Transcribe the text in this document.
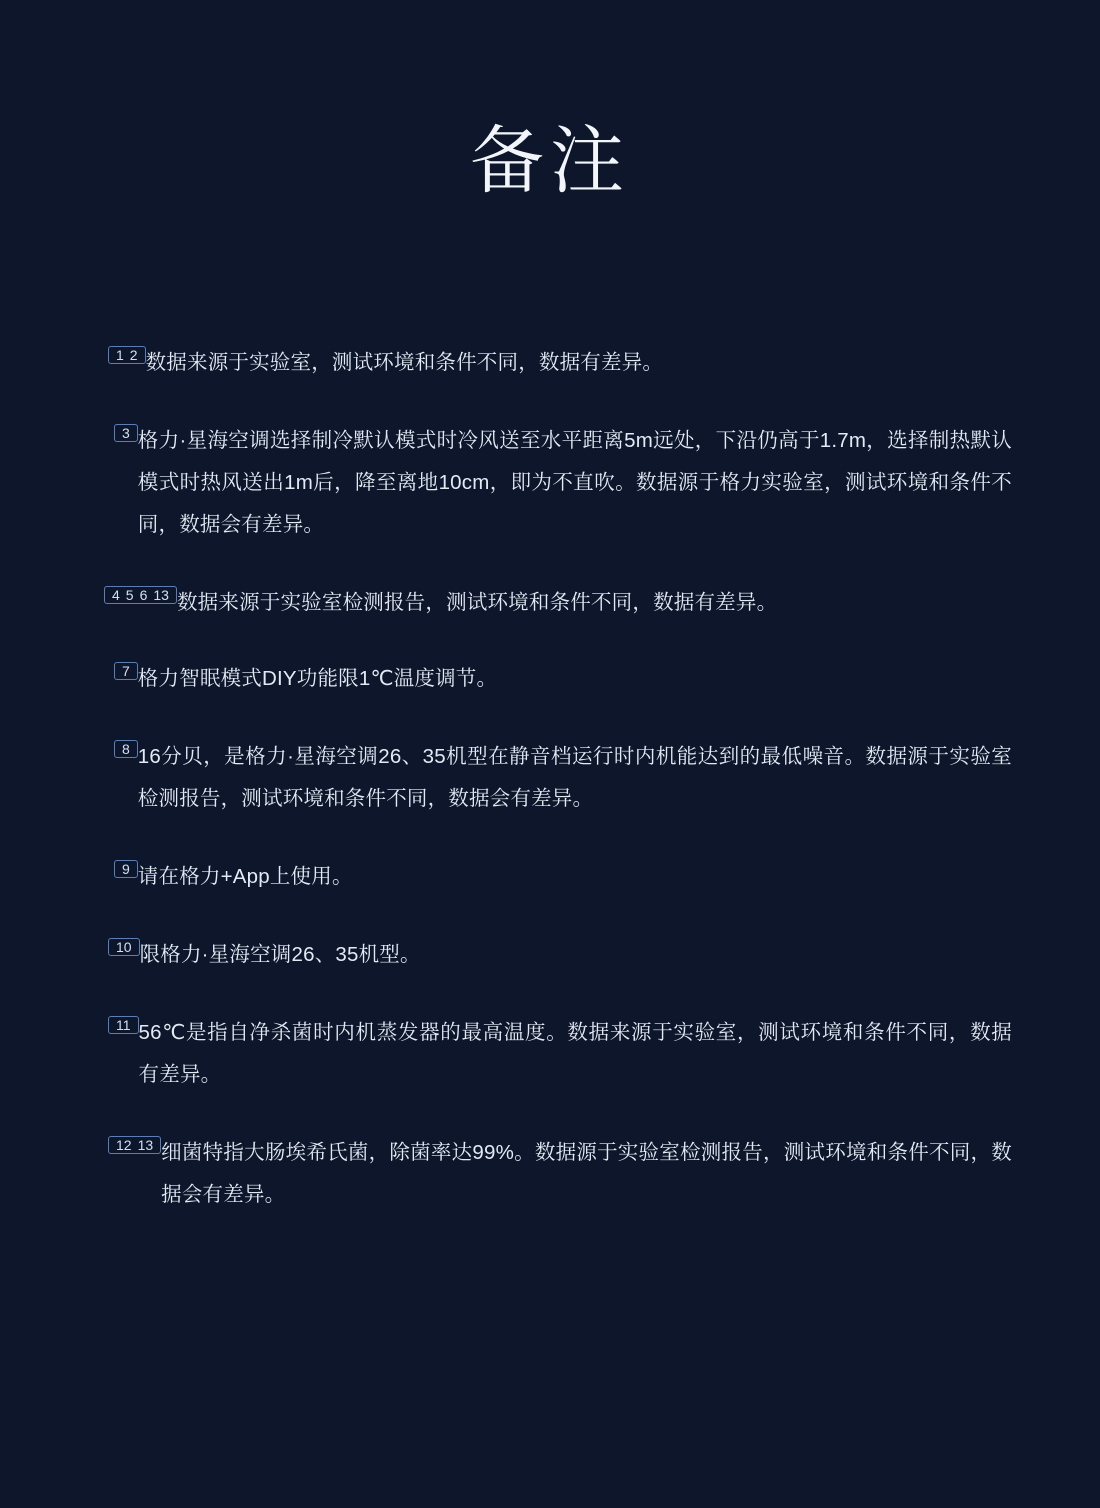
备注
1 2 数据来源于实验室，测试环境和条件不同，数据有差异。

3 格力·星海空调选择制冷默认模式时冷风送至水平距离5m远处，下沿仍高于1.7m，选择制热默认模式时热风送出1m后，降至离地10cm，即为不直吹。数据源于格力实验室，测试环境和条件不同，数据会有差异。

4 5 6 13 数据来源于实验室检测报告，测试环境和条件不同，数据有差异。

7 格力智眠模式DIY功能限1℃温度调节。

8 16分贝，是格力·星海空调26、35机型在静音档运行时内机能达到的最低噪音。数据源于实验室检测报告，测试环境和条件不同，数据会有差异。

9 请在格力+App上使用。

10 限格力·星海空调26、35机型。

11 56℃是指自净杀菌时内机蒸发器的最高温度。数据来源于实验室，测试环境和条件不同，数据有差异。

12 13 细菌特指大肠埃希氏菌，除菌率达99%。数据源于实验室检测报告，测试环境和条件不同，数据会有差异。
